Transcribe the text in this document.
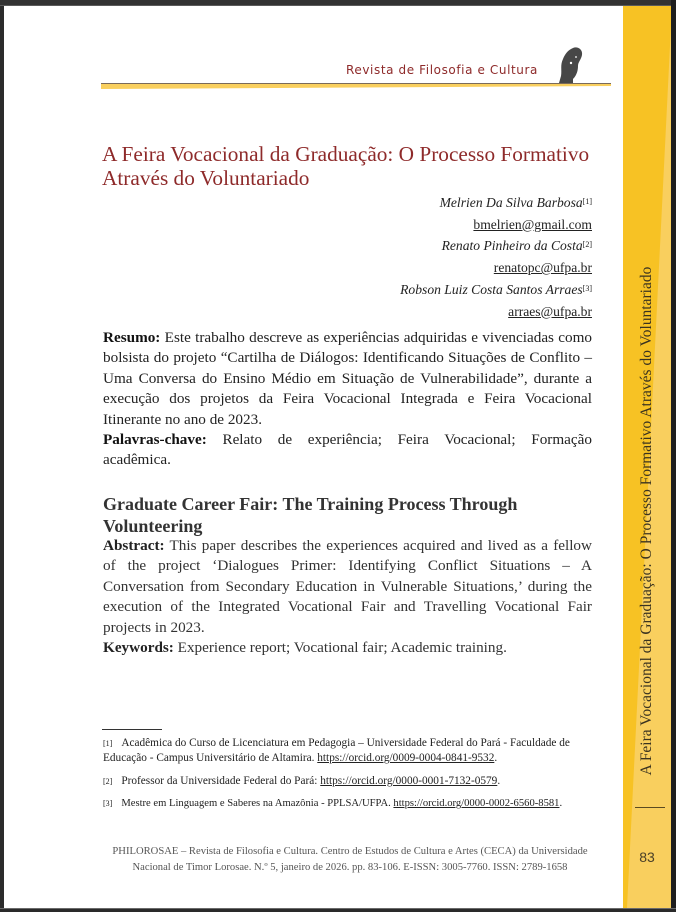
Revista de Filosofia e Cultura
A Feira Vocacional da Graduação: O Processo Formativo Através do Voluntariado
Melrien Da Silva Barbosa[1]
bmelrien@gmail.com
Renato Pinheiro da Costa[2]
renatopc@ufpa.br
Robson Luiz Costa Santos Arraes[3]
arraes@ufpa.br
Resumo: Este trabalho descreve as experiências adquiridas e vivenciadas como bolsista do projeto “Cartilha de Diálogos: Identificando Situações de Conflito – Uma Conversa do Ensino Médio em Situação de Vulnerabilidade”, durante a execução dos projetos da Feira Vocacional Integrada e Feira Vocacional Itinerante no ano de 2023.
Palavras-chave: Relato de experiência; Feira Vocacional; Formação acadêmica.
Graduate Career Fair: The Training Process Through Volunteering
Abstract: This paper describes the experiences acquired and lived as a fellow of the project ‘Dialogues Primer: Identifying Conflict Situations – A Conversation from Secondary Education in Vulnerable Situations,’ during the execution of the Integrated Vocational Fair and Travelling Vocational Fair projects in 2023.
Keywords: Experience report; Vocational fair; Academic training.

[1] Acadêmica do Curso de Licenciatura em Pedagogia – Universidade Federal do Pará - Faculdade de Educação - Campus Universitário de Altamira. https://orcid.org/0009-0004-0841-9532.

[2] Professor da Universidade Federal do Pará: https://orcid.org/0000-0001-7132-0579.

[3] Mestre em Linguagem e Saberes na Amazônia - PPLSA/UFPA. https://orcid.org/0000-0002-6560-8581.

PHILOROSAE – Revista de Filosofia e Cultura. Centro de Estudos de Cultura e Artes (CECA) da Universidade
Nacional de Timor Lorosae. N.º 5, janeiro de 2026. pp. 83-106. E-ISSN: 3005-7760. ISSN: 2789-1658
A Feira Vocacional da Graduação: O Processo Formativo Através do Voluntariado
83
